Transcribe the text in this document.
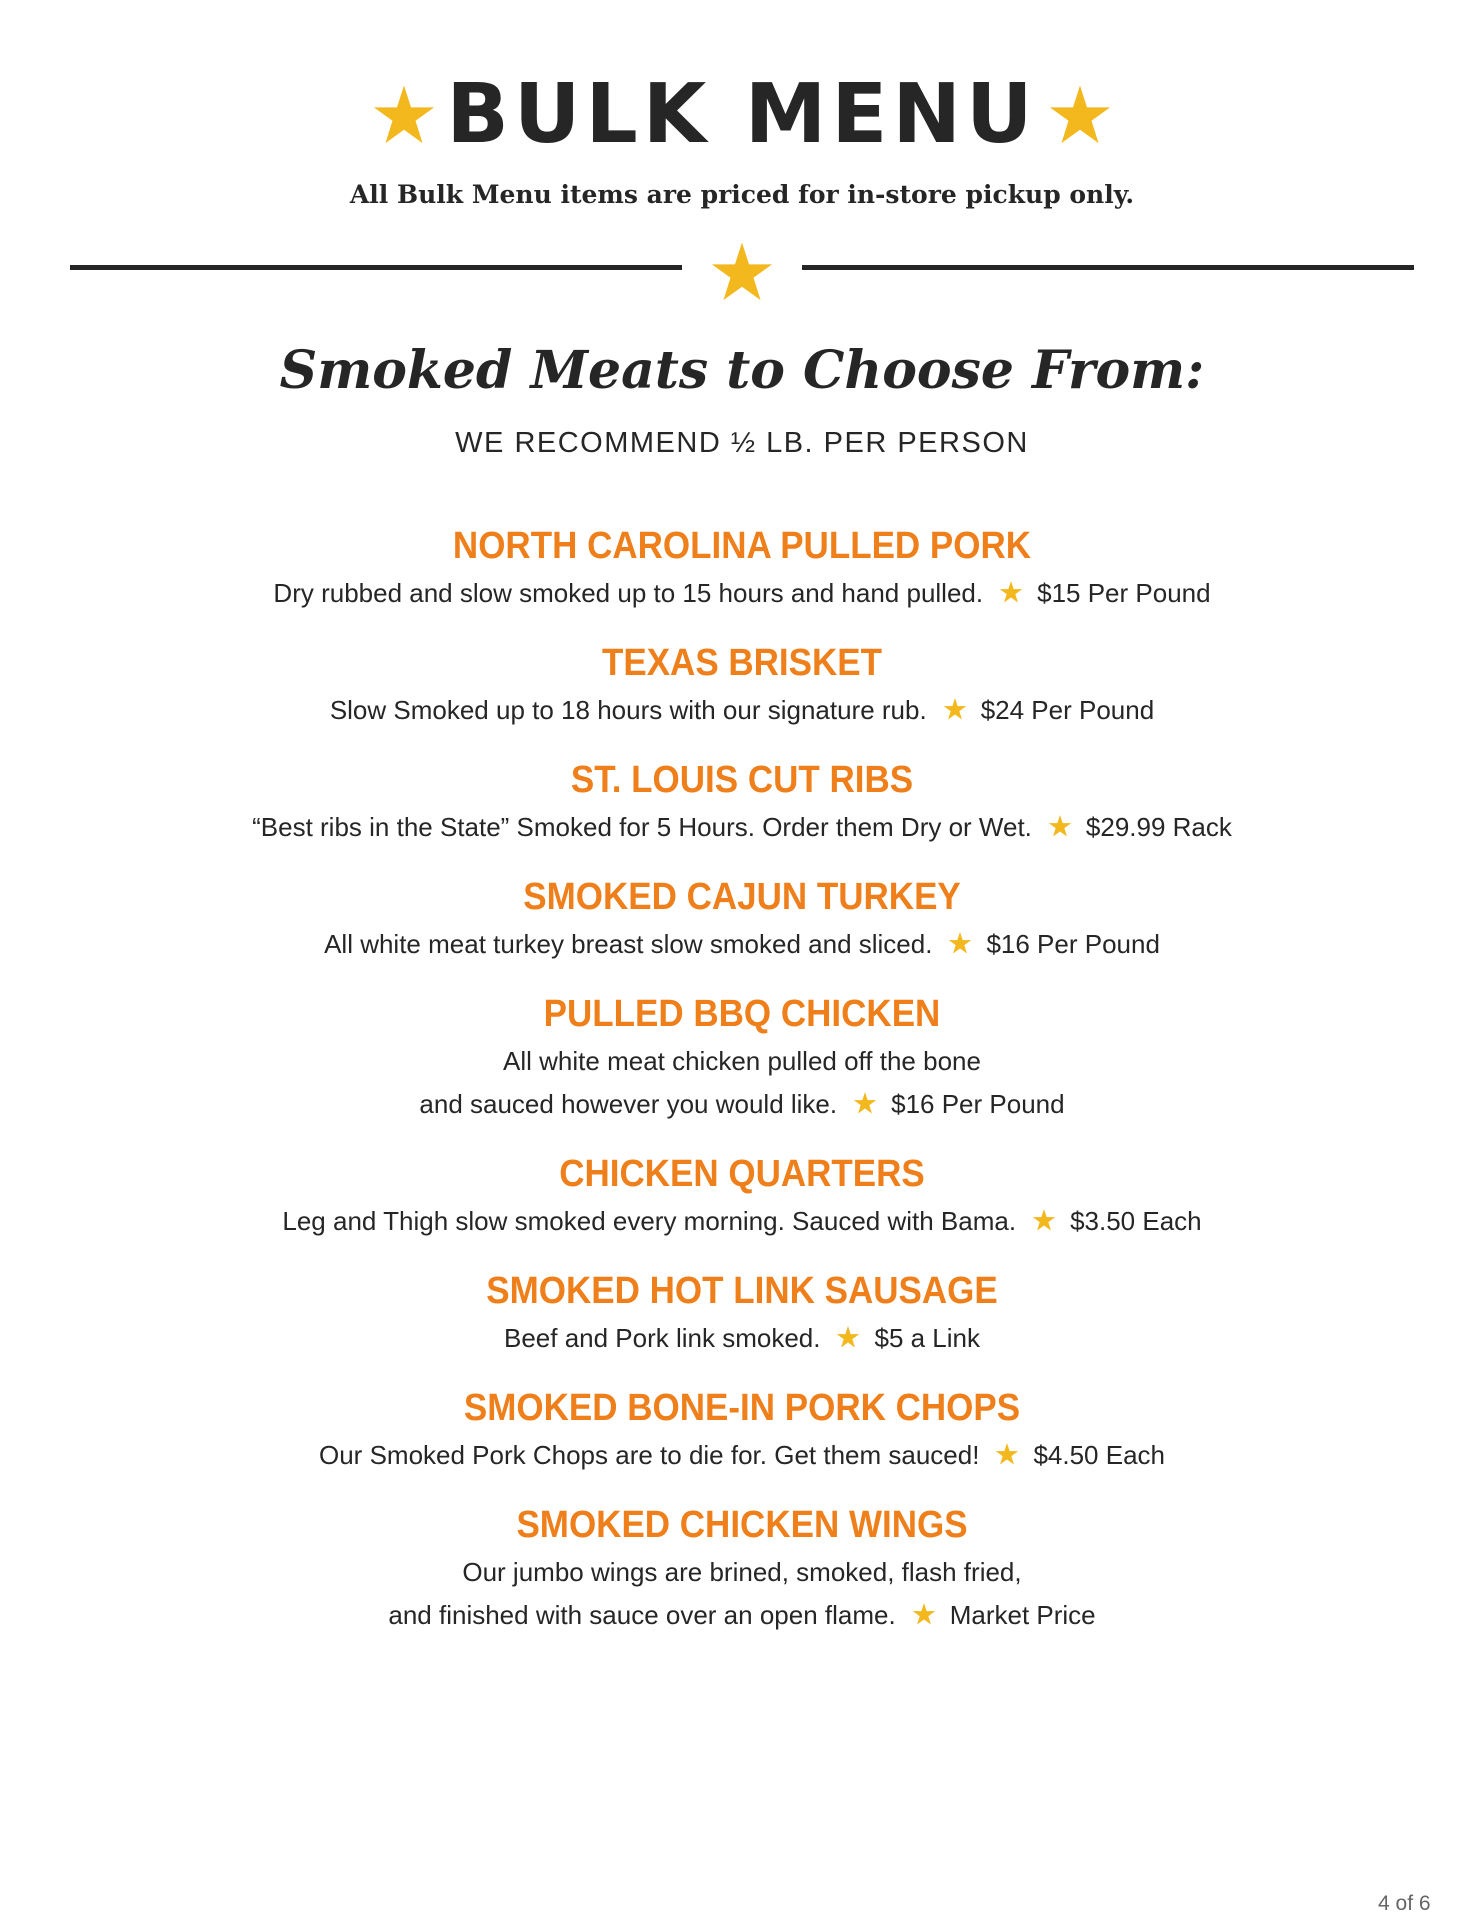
BULK MENU
All Bulk Menu items are priced for in-store pickup only.
Smoked Meats to Choose From:
WE RECOMMEND ½ LB. PER PERSON
NORTH CAROLINA PULLED PORK
Dry rubbed and slow smoked up to 15 hours and hand pulled. $15 Per Pound
TEXAS BRISKET
Slow Smoked up to 18 hours with our signature rub. $24 Per Pound
ST. LOUIS CUT RIBS
“Best ribs in the State” Smoked for 5 Hours. Order them Dry or Wet. $29.99 Rack
SMOKED CAJUN TURKEY
All white meat turkey breast slow smoked and sliced. $16 Per Pound
PULLED BBQ CHICKEN
All white meat chicken pulled off the bone
and sauced however you would like. $16 Per Pound
CHICKEN QUARTERS
Leg and Thigh slow smoked every morning. Sauced with Bama. $3.50 Each
SMOKED HOT LINK SAUSAGE
Beef and Pork link smoked. $5 a Link
SMOKED BONE-IN PORK CHOPS
Our Smoked Pork Chops are to die for. Get them sauced! $4.50 Each
SMOKED CHICKEN WINGS
Our jumbo wings are brined, smoked, flash fried,
and finished with sauce over an open flame. Market Price
4 of 6
